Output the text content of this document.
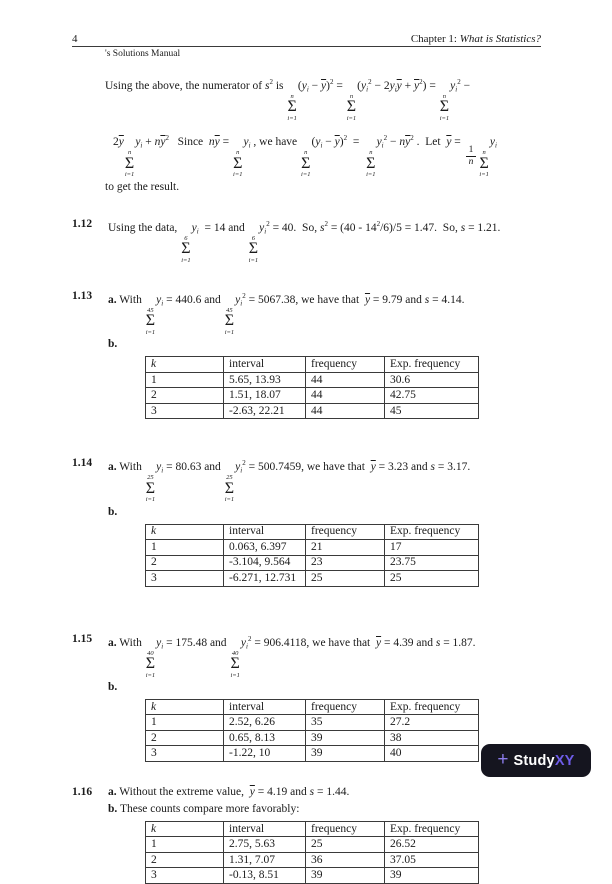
4	Chapter 1: What is Statistics?
's Solutions Manual
Using the above, the numerator of $s^2$ is
n
Σ
i=1
$(y_i - \overline{y})^2$ =
n
Σ
i=1
$(y_i^2 - 2y_i\overline{y} + \overline{y}^2)$ =
n
Σ
i=1
$y_i^2$ −
$2\overline{y}$
n
Σ
i=1
$y_i + n\overline{y}^2$   Since  $n\overline{y}$ =
n
Σ
i=1
$y_i$ , we have
n
Σ
i=1
$(y_i - \overline{y})^2$  =
n
Σ
i=1
$y_i^2 - n\overline{y}^2$ .  Let  $\overline{y}$ =
$\frac{1}{n}$ n
Σ
i=1
$y_i$
to get the result.
1.12	Using the data,
6
Σ
i=1
$y_i = 14$ and
6
Σ
i=1
$y_i^2 = 40$.  So, $s^2 = (40 - 14^2/6)/5 = 1.47$.  So, s = 1.21.
1.13	a. With
45
Σ
i=1
$y_i = 440.6$ and
45
Σ
i=1
$y_i^2 = 5067.38$, we have that  $\overline{y} = 9.79$ and s = 4.14.
b.
k	interval	frequency	Exp. frequency
1	5.65, 13.93	44	30.6
2	1.51, 18.07	44	42.75
3	-2.63, 22.21	44	45
1.14	a. With
25
Σ
i=1
$y_i = 80.63$ and
25
Σ
i=1
$y_i^2 = 500.7459$, we have that  $\overline{y} = 3.23$ and s = 3.17.
b.
k	interval	frequency	Exp. frequency
1	0.063, 6.397	21	17
2	-3.104, 9.564	23	23.75
3	-6.271, 12.731	25	25
1.15	a. With
40
Σ
i=1
$y_i = 175.48$ and
40
Σ
i=1
$y_i^2 = 906.4118$, we have that  $\overline{y} = 4.39$ and s = 1.87.
b.
k	interval	frequency	Exp. frequency
1	2.52, 6.26	35	27.2
2	0.65, 8.13	39	38
3	-1.22, 10	39	40
1.16	a. Without the extreme value,  $\overline{y} = 4.19$ and s = 1.44.
b. These counts compare more favorably:
k	interval	frequency	Exp. frequency
1	2.75, 5.63	25	26.52
2	1.31, 7.07	36	37.05
3	-0.13, 8.51	39	39
+ StudyXY
